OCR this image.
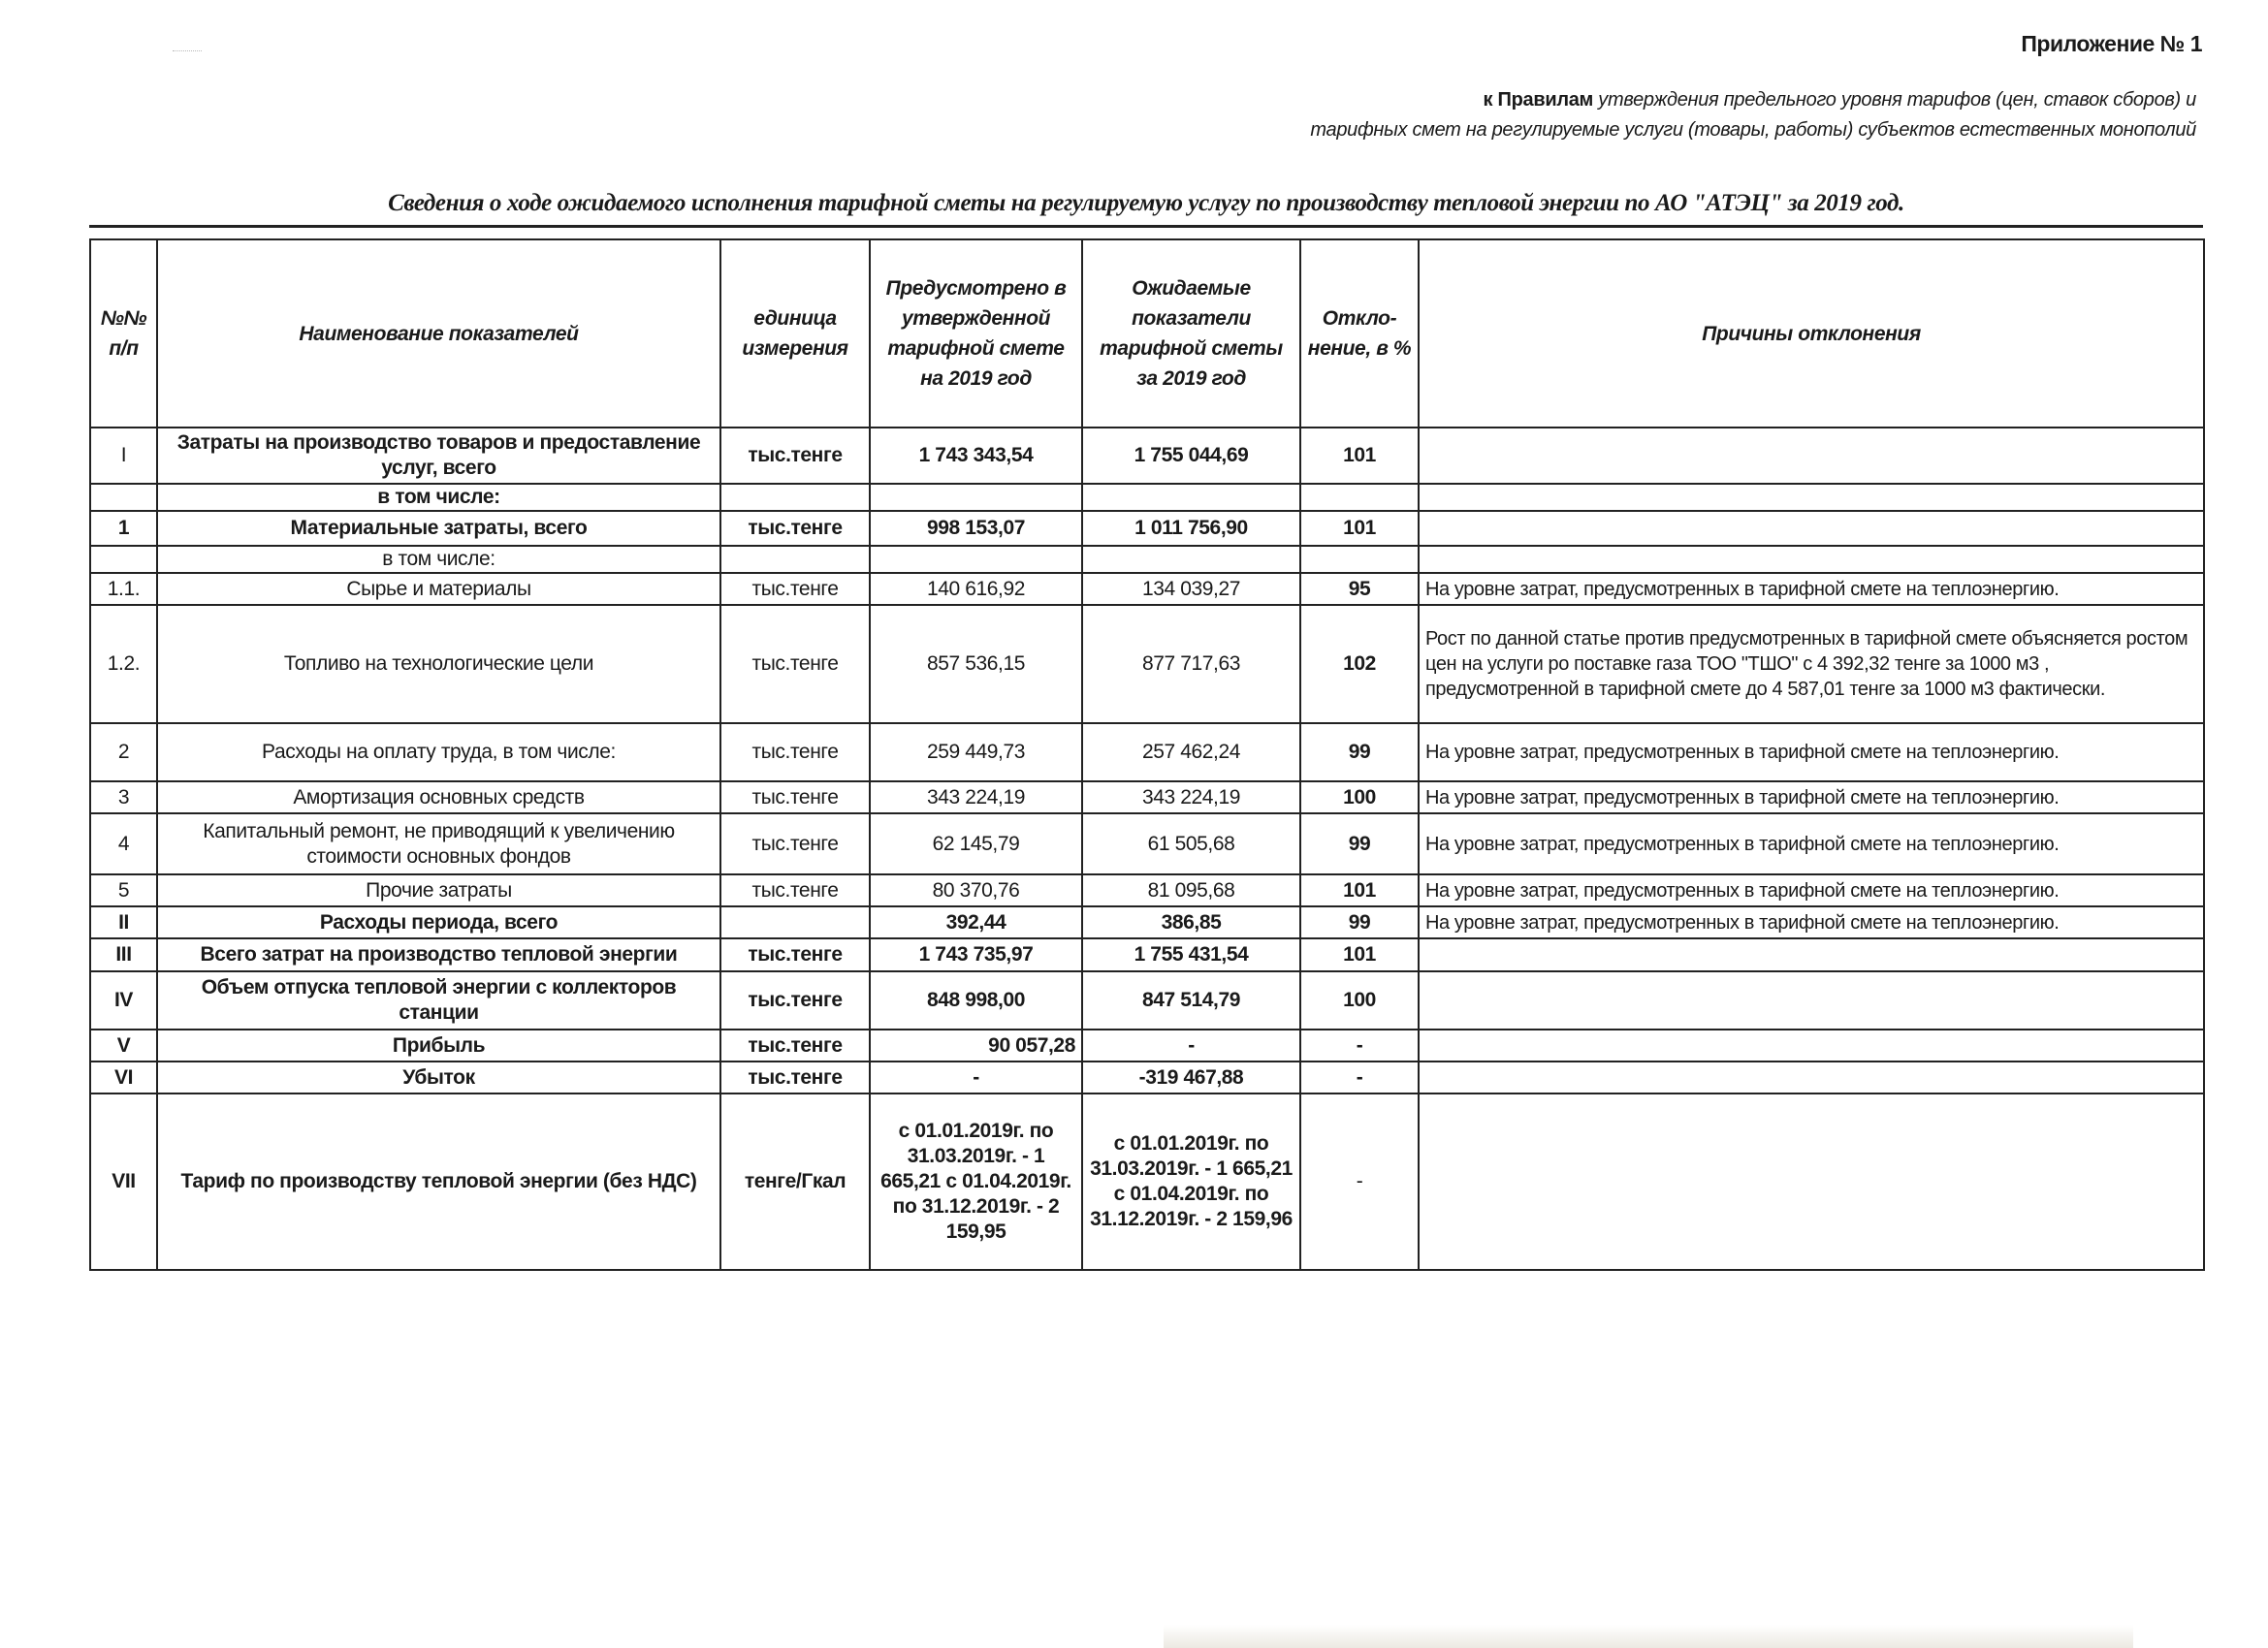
Приложение № 1
к Правилам утверждения предельного уровня тарифов (цен, ставок сборов) и
тарифных смет на регулируемые услуги (товары, работы) субъектов естественных монополий
Сведения о ходе ожидаемого исполнения тарифной сметы на регулируемую услугу по производству тепловой энергии по АО "АТЭЦ" за 2019 год.
№№ п/п	Наименование показателей	единица измерения	Предусмотрено в утвержденной тарифной смете на 2019 год	Ожидаемые показатели тарифной сметы за 2019 год	Откло-нение, в %	Причины отклонения
I	Затраты на производство товаров и предоставление услуг, всего	тыс.тенге	1 743 343,54	1 755 044,69	101	
	в том числе:					
1	Материальные затраты, всего	тыс.тенге	998 153,07	1 011 756,90	101	
	в том числе:					
1.1.	Сырье и материалы	тыс.тенге	140 616,92	134 039,27	95	На уровне затрат, предусмотренных в тарифной смете на теплоэнергию.
1.2.	Топливо на технологические цели	тыс.тенге	857 536,15	877 717,63	102	Рост по данной статье против предусмотренных в тарифной смете объясняется ростом цен на услуги ро поставке газа ТОО "ТШО" с 4 392,32 тенге за 1000 м3 , предусмотренной в тарифной смете до 4 587,01 тенге за 1000 м3 фактически.
2	Расходы на оплату труда, в том числе:	тыс.тенге	259 449,73	257 462,24	99	На уровне затрат, предусмотренных в тарифной смете на теплоэнергию.
3	Амортизация основных средств	тыс.тенге	343 224,19	343 224,19	100	На уровне затрат, предусмотренных в тарифной смете на теплоэнергию.
4	Капитальный ремонт, не приводящий к увеличению стоимости основных фондов	тыс.тенге	62 145,79	61 505,68	99	На уровне затрат, предусмотренных в тарифной смете на теплоэнергию.
5	Прочие затраты	тыс.тенге	80 370,76	81 095,68	101	На уровне затрат, предусмотренных в тарифной смете на теплоэнергию.
II	Расходы периода, всего		392,44	386,85	99	На уровне затрат, предусмотренных в тарифной смете на теплоэнергию.
III	Всего затрат на производство тепловой энергии	тыс.тенге	1 743 735,97	1 755 431,54	101	
IV	Объем отпуска тепловой энергии с коллекторов станции	тыс.тенге	848 998,00	847 514,79	100	
V	Прибыль	тыс.тенге	90 057,28	-	-	
VI	Убыток	тыс.тенге	-	-319 467,88	-	
VII	Тариф по производству тепловой энергии (без НДС)	тенге/Гкал	с 01.01.2019г. по 31.03.2019г. - 1 665,21 с 01.04.2019г. по 31.12.2019г. - 2 159,95	с 01.01.2019г. по 31.03.2019г. - 1 665,21 с 01.04.2019г. по 31.12.2019г. - 2 159,96	-	
